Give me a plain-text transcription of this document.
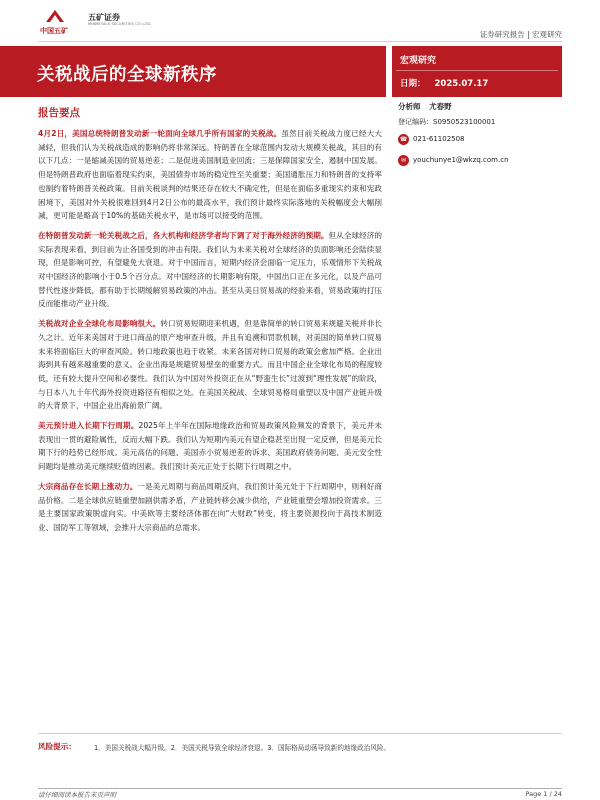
中国五矿
五矿证券
MINMETALS SECURITIES CO.,LTD.
证券研究报告 | 宏观研究
关税战后的全球新秩序
宏观研究
日期： 2025.07.17
分析师 尤春野
登记编码： S0950523100001
☎ 021-61102508
✉ youchunye1@wkzq.com.cn
报告要点

4月2日，美国总统特朗普发动新一轮面向全球几乎所有国家的关税战。虽然目前关税战力度已经大大减轻，但我们认为关税战造成的影响仍将非常深远。特朗普在全球范围内发动大规模关税战，其目的有以下几点：一是缩减美国的贸易逆差；二是促进美国制造业回流；三是保障国家安全、遏制中国发展。但是特朗普政府也面临着现实约束，美国债券市场的稳定性至关重要；美国通胀压力和特朗普的支持率也制约着特朗普关税政策。目前关税谈判的结果还存在较大不确定性，但是在面临多重现实约束和宪政困境下，美国对外关税很难回到4月2日公布的最高水平，我们预计最终实际落地的关税幅度会大幅削减，更可能是略高于10%的基础关税水平，是市场可以接受的范围。

在特朗普发动新一轮关税战之后，各大机构和经济学者均下调了对于海外经济的预期。但从全球经济的实际表现来看，到目前为止各国受到的冲击有限。我们认为未来关税对全球经济的负面影响还会陆续显现，但是影响可控，有望避免大衰退。对于中国而言，短期内经济会面临一定压力，乐观情形下关税战对中国经济的影响小于0.5个百分点。对中国经济的长期影响有限，中国出口正在多元化，以及产品可替代性逐步降低，都有助于长期缓解贸易政策的冲击。甚至从美日贸易战的经验来看，贸易政策的打压反而能推动产业升级。

关税战对企业全球化布局影响很大。转口贸易短期迎来机遇，但是靠简单的转口贸易来规避关税并非长久之计。近年来美国对于进口商品的原产地审查升级，并且有追溯和罚款机制，对美国的简单转口贸易未来将面临巨大的审查风险。转口地政策也趋于收紧。未来各国对转口贸易的政策会愈加严格。企业出海到具有越来越重要的意义。企业出海是规避贸易壁垒的重要方式。而且中国企业全球化布局的程度较低，还有较大提升空间和必要性。我们认为中国对外投资正在从“野蛮生长”过渡到“理性发展”的阶段，与日本八九十年代海外投资进路径有相似之处。在美国关税战、全球贸易格局重塑以及中国产业链升级的大背景下，中国企业出海前景广阔。

美元预计进入长期下行周期。2025年上半年在国际地缘政治和贸易政策风险频发的背景下，美元并未表现出一贯的避险属性，反而大幅下跌。我们认为短期内美元有望企稳甚至出现一定反弹，但是美元长期下行的趋势已经形成。美元高估的问题、美国赤小贸易逆差的诉求、美国政府债务问题、美元安全性问题均是推动美元继续贬值的因素。我们预计美元正处于长期下行周期之中。

大宗商品存在长期上涨动力。一是美元周期与商品周期反向，我们预计美元处于下行周期中，则利好商品价格。二是全球供应链重塑加剧供需矛盾，产业链转移会减少供给，产业链重塑会增加投资需求。三是主要国家政策脱虚向实。中美欧等主要经济体都在向“大财政”转变，将主要资源投向于高技术制造业、国防军工等领域，会推升大宗商品的总需求。

风险提示：	1．美国关税战大幅升级。2．美国关税导致全球经济衰退。3．国际格局动荡导致新的地缘政治风险。
请仔细阅读本报告末页声明	Page 1 / 24
